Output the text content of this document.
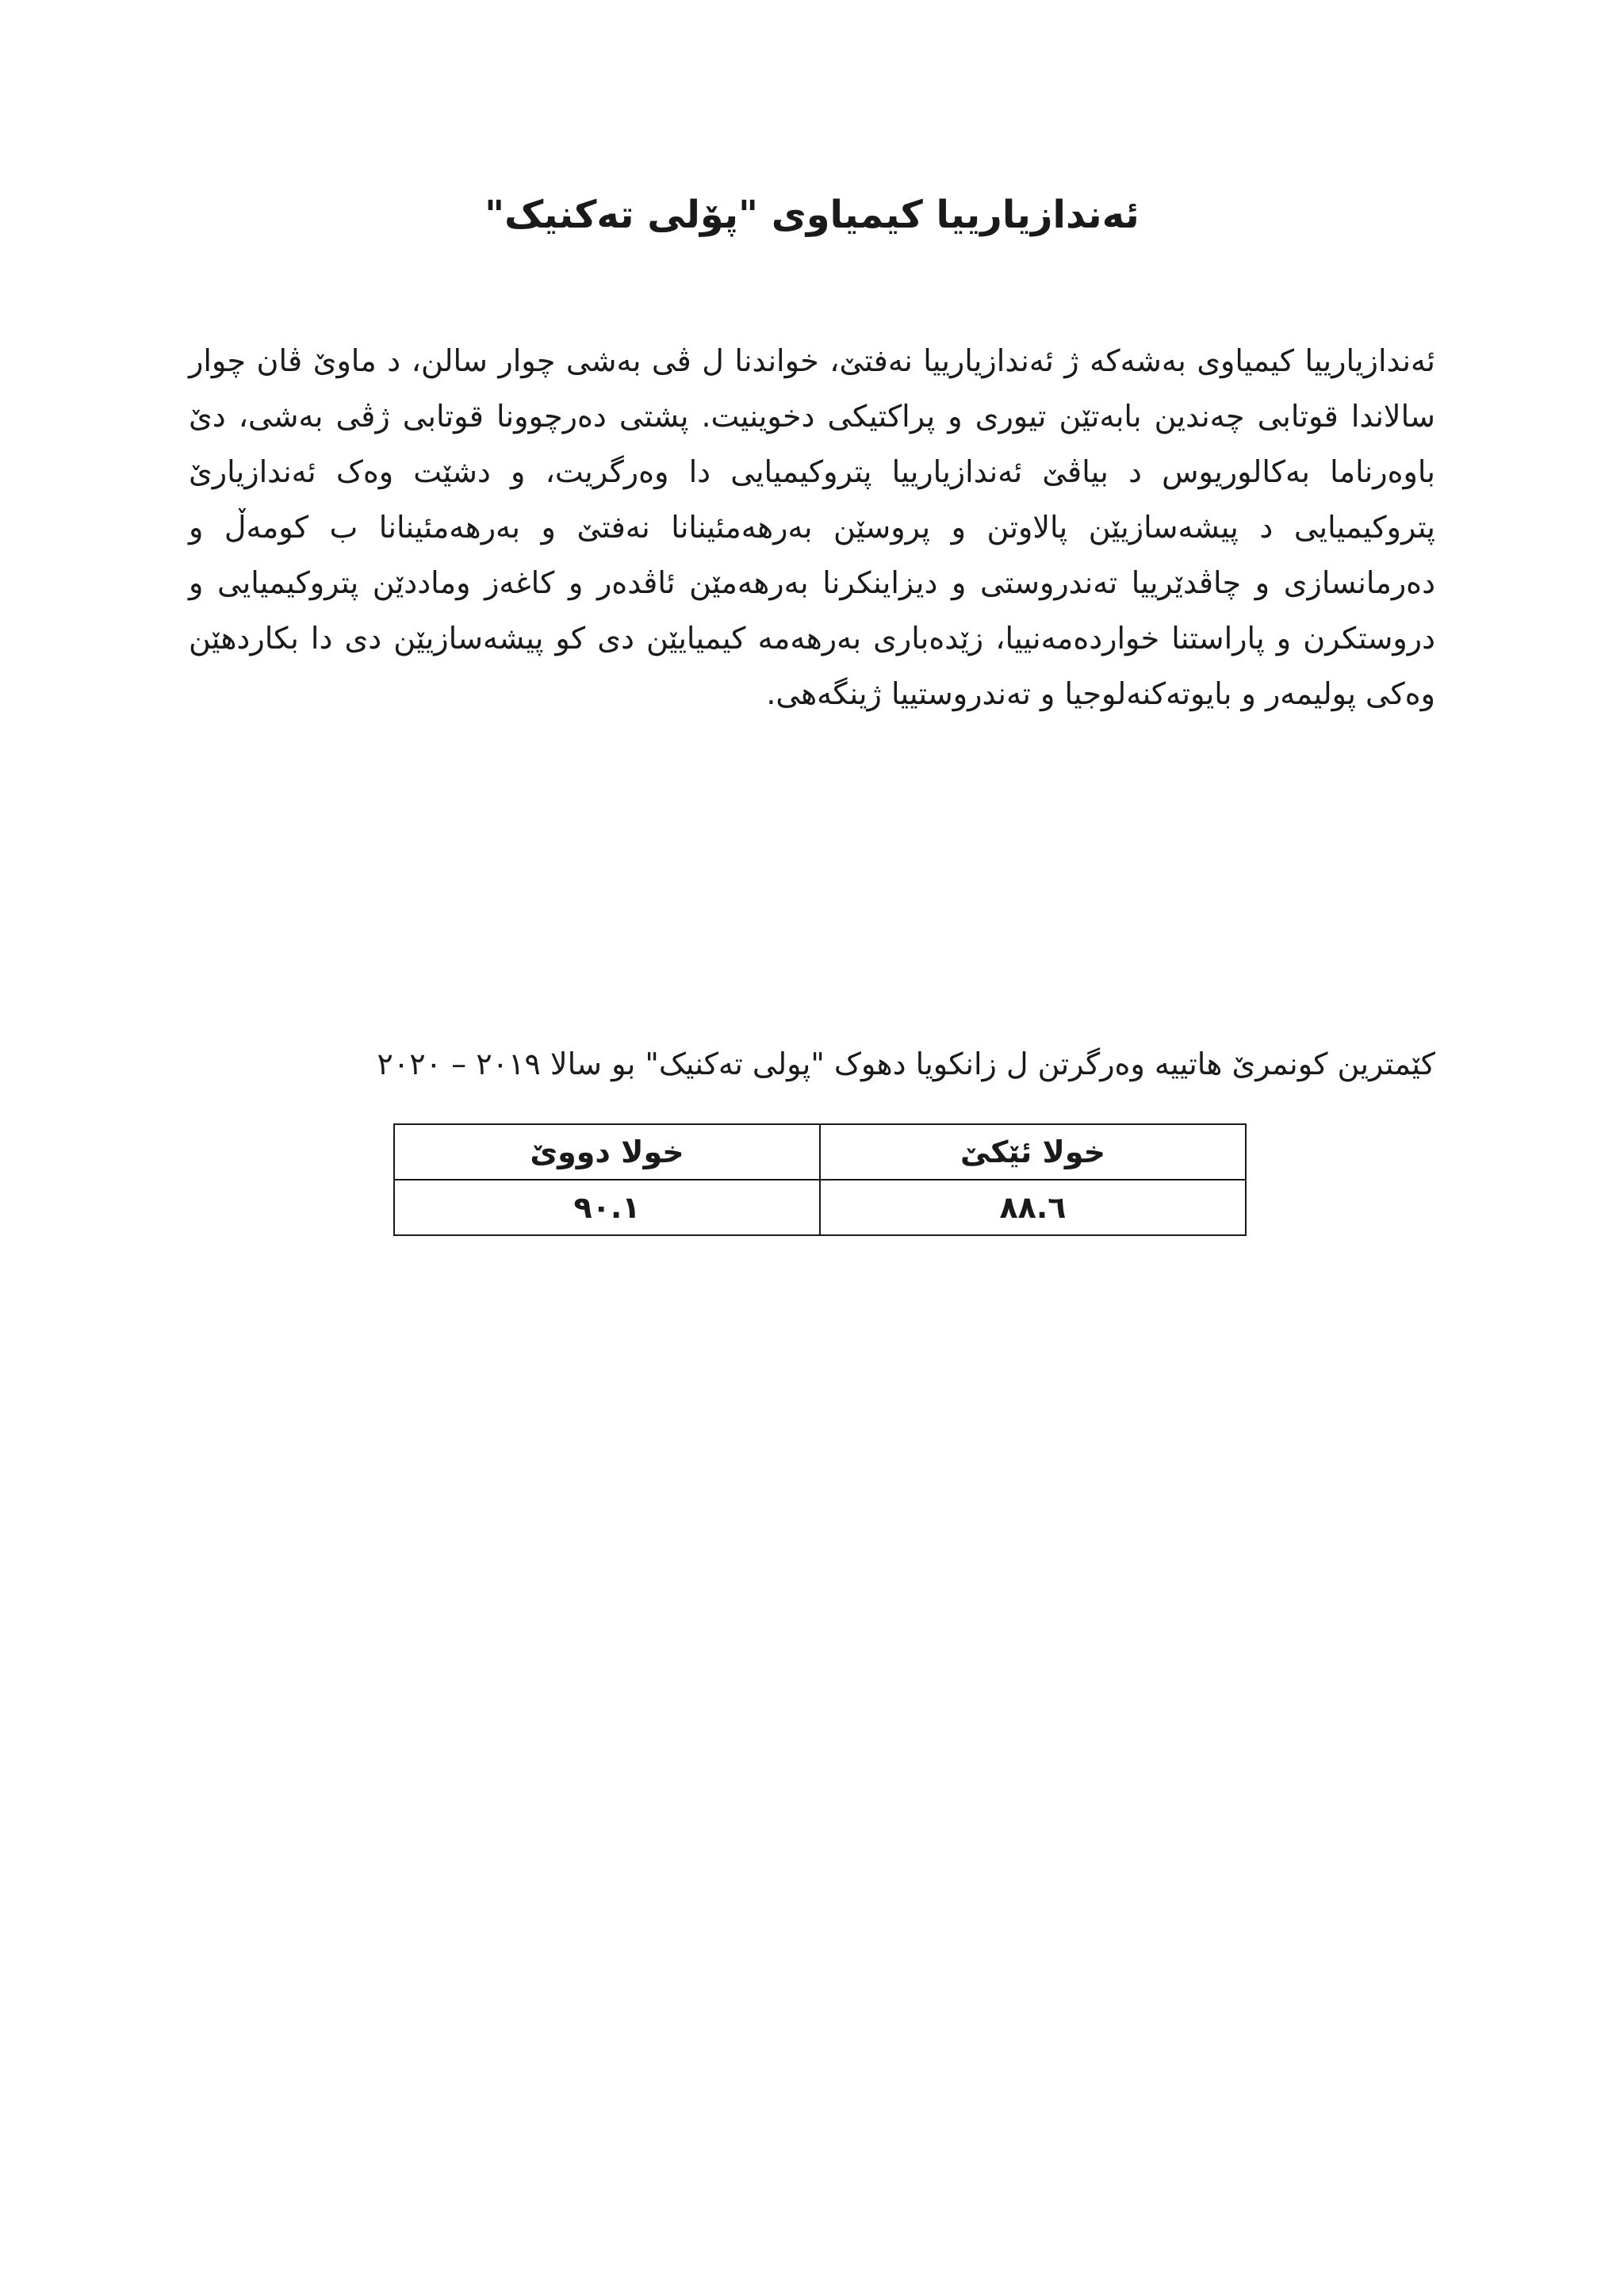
ئەندازیارییا کیمیاوی "پۆلی تەکنیک"

ئەندازیارییا کیمیاوی بەشەکە ژ ئەندازیارییا نەفتێ، خواندنا ل ڤی بەشی چوار سالن، د ماوێ ڤان چوار سالاندا قوتابی چەندین بابەتێن تیوری و پراکتیکی دخوینیت. پشتی دەرچوونا قوتابی ژڤی بەشی، دێ باوەرناما بەکالوریوس د بیاڤێ ئەندازیارییا پتروکیمیایی دا وەرگریت، و دشێت وەک ئەندازیارێ پتروکیمیایی د پیشەسازیێن پالاوتن و پروسێن بەرهەمئینانا نەفتێ و بەرهەمئینانا ب کومەڵ و دەرمانسازی و چاڤدێرییا تەندروستی و دیزاینکرنا بەرهەمێن ئاڤدەر و کاغەز وماددێن پتروکیمیایی و دروستکرن و پاراستنا خواردەمەنییا، زێدەباری بەرهەمە کیمیایێن دی کو پیشەسازیێن دی دا بکاردهێن وەکی پولیمەر و بایوتەکنەلوجیا و تەندروستییا ژینگەهی.

کێمترین کونمرێ هاتییە وەرگرتن ل زانکویا دهوک "پولی تەکنیک" بو سالا ٢٠١٩ – ٢٠٢٠

خولا ئێکێ	خولا دووێ
٨٨.٦	٩٠.١
